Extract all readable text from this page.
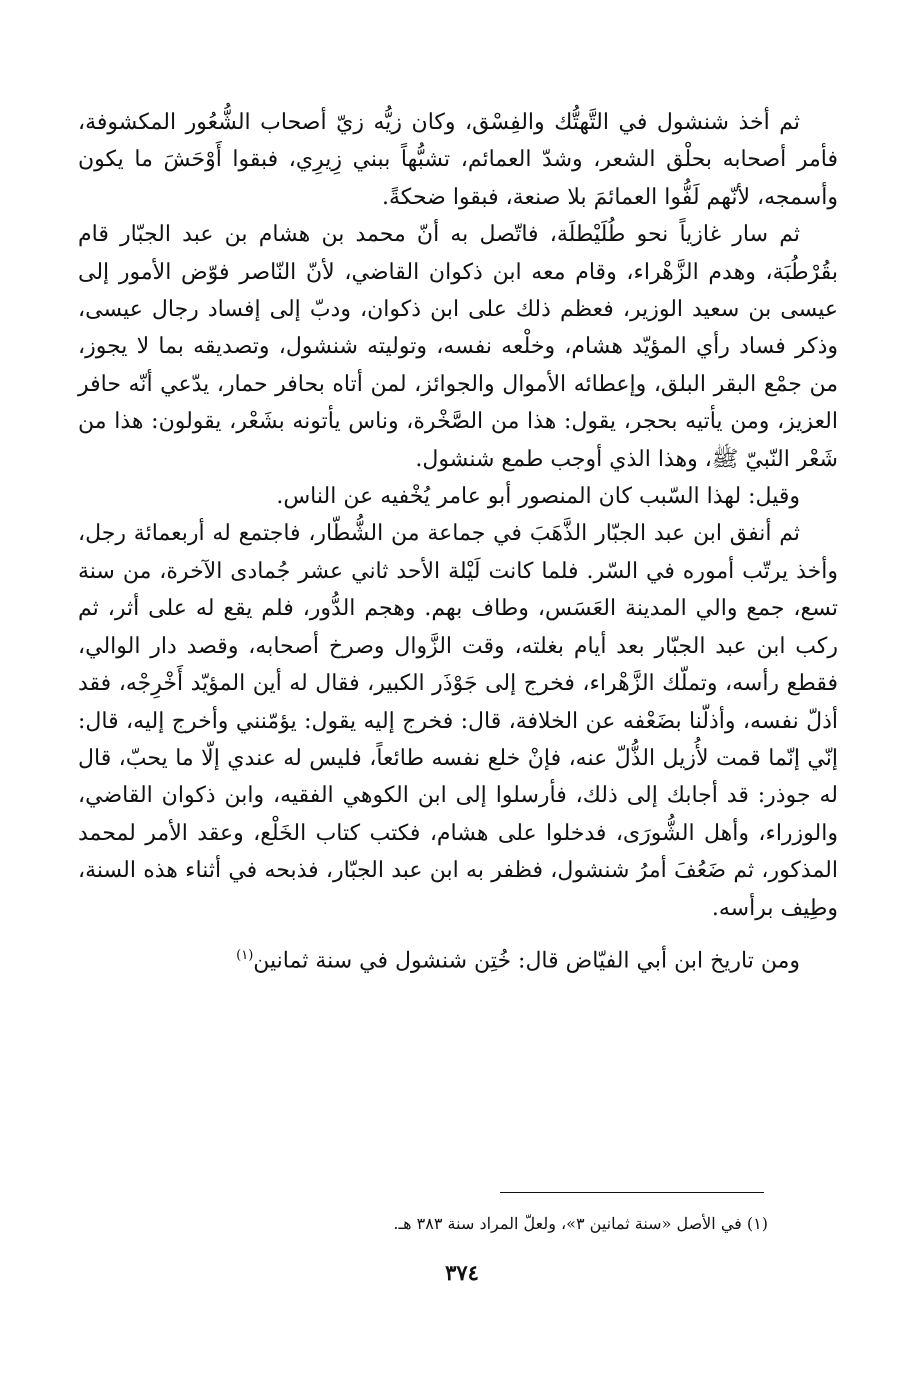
ثم أخذ شنشول في التَّهتُّك والفِسْق، وكان زيُّه زيّ أصحاب الشُّعُور المكشوفة، فأمر أصحابه بحلْق الشعر، وشدّ العمائم، تشبُّهاً ببني زِيرِي، فبقوا أَوْحَشَ ما يكون وأسمجه، لأنّهم لَفُّوا العمائمَ بلا صنعة، فبقوا ضحكةً.

ثم سار غازياً نحو طُلَيْطلَة، فاتّصل به أنّ محمد بن هشام بن عبد الجبّار قام بقُرْطُبَة، وهدم الزَّهْراء، وقام معه ابن ذكوان القاضي، لأنّ النّاصر فوّض الأمور إلى عيسى بن سعيد الوزير، فعظم ذلك على ابن ذكوان، ودبّ إلى إفساد رجال عيسى، وذكر فساد رأي المؤيّد هشام، وخلْعه نفسه، وتوليته شنشول، وتصديقه بما لا يجوز، من جمْع البقر البلق، وإعطائه الأموال والجوائز، لمن أتاه بحافر حمار، يدّعي أنّه حافر العزيز، ومن يأتيه بحجر، يقول: هذا من الصَّخْرة، وناس يأتونه بشَعْر، يقولون: هذا من شَعْر النّبيّ ﷺ، وهذا الذي أوجب طمع شنشول.

وقيل: لهذا السّبب كان المنصور أبو عامر يُخْفيه عن الناس.

ثم أنفق ابن عبد الجبّار الذَّهَبَ في جماعة من الشُّطّار، فاجتمع له أربعمائة رجل، وأخذ يرتّب أموره في السّر. فلما كانت لَيْلة الأحد ثاني عشر جُمادى الآخرة، من سنة تسع، جمع والي المدينة العَسَس، وطاف بهم. وهجم الدُّور، فلم يقع له على أثر، ثم ركب ابن عبد الجبّار بعد أيام بغلته، وقت الزَّوال وصرخ أصحابه، وقصد دار الوالي، فقطع رأسه، وتملّك الزَّهْراء، فخرج إلى جَوْذَر الكبير، فقال له أين المؤيّد أَخْرِجْه، فقد أذلّ نفسه، وأذلّنا بضَعْفه عن الخلافة، قال: فخرج إليه يقول: يؤمّنني وأخرج إليه، قال: إنّي إنّما قمت لأُزيل الذُّلّ عنه، فإنْ خلع نفسه طائعاً، فليس له عندي إلّا ما يحبّ، قال له جوذر: قد أجابك إلى ذلك، فأرسلوا إلى ابن الكوهي الفقيه، وابن ذكوان القاضي، والوزراء، وأهل الشُّورَى، فدخلوا على هشام، فكتب كتاب الخَلْع، وعقد الأمر لمحمد المذكور، ثم ضَعُفَ أمرُ شنشول، فظفر به ابن عبد الجبّار، فذبحه في أثناء هذه السنة، وطِيف برأسه.

ومن تاريخ ابن أبي الفيّاض قال: خُتِن شنشول في سنة ثمانين$^{(١)}$

(١) في الأصل «سنة ثمانين ٣»، ولعلّ المراد سنة ٣٨٣ هـ.
٣٧٤
